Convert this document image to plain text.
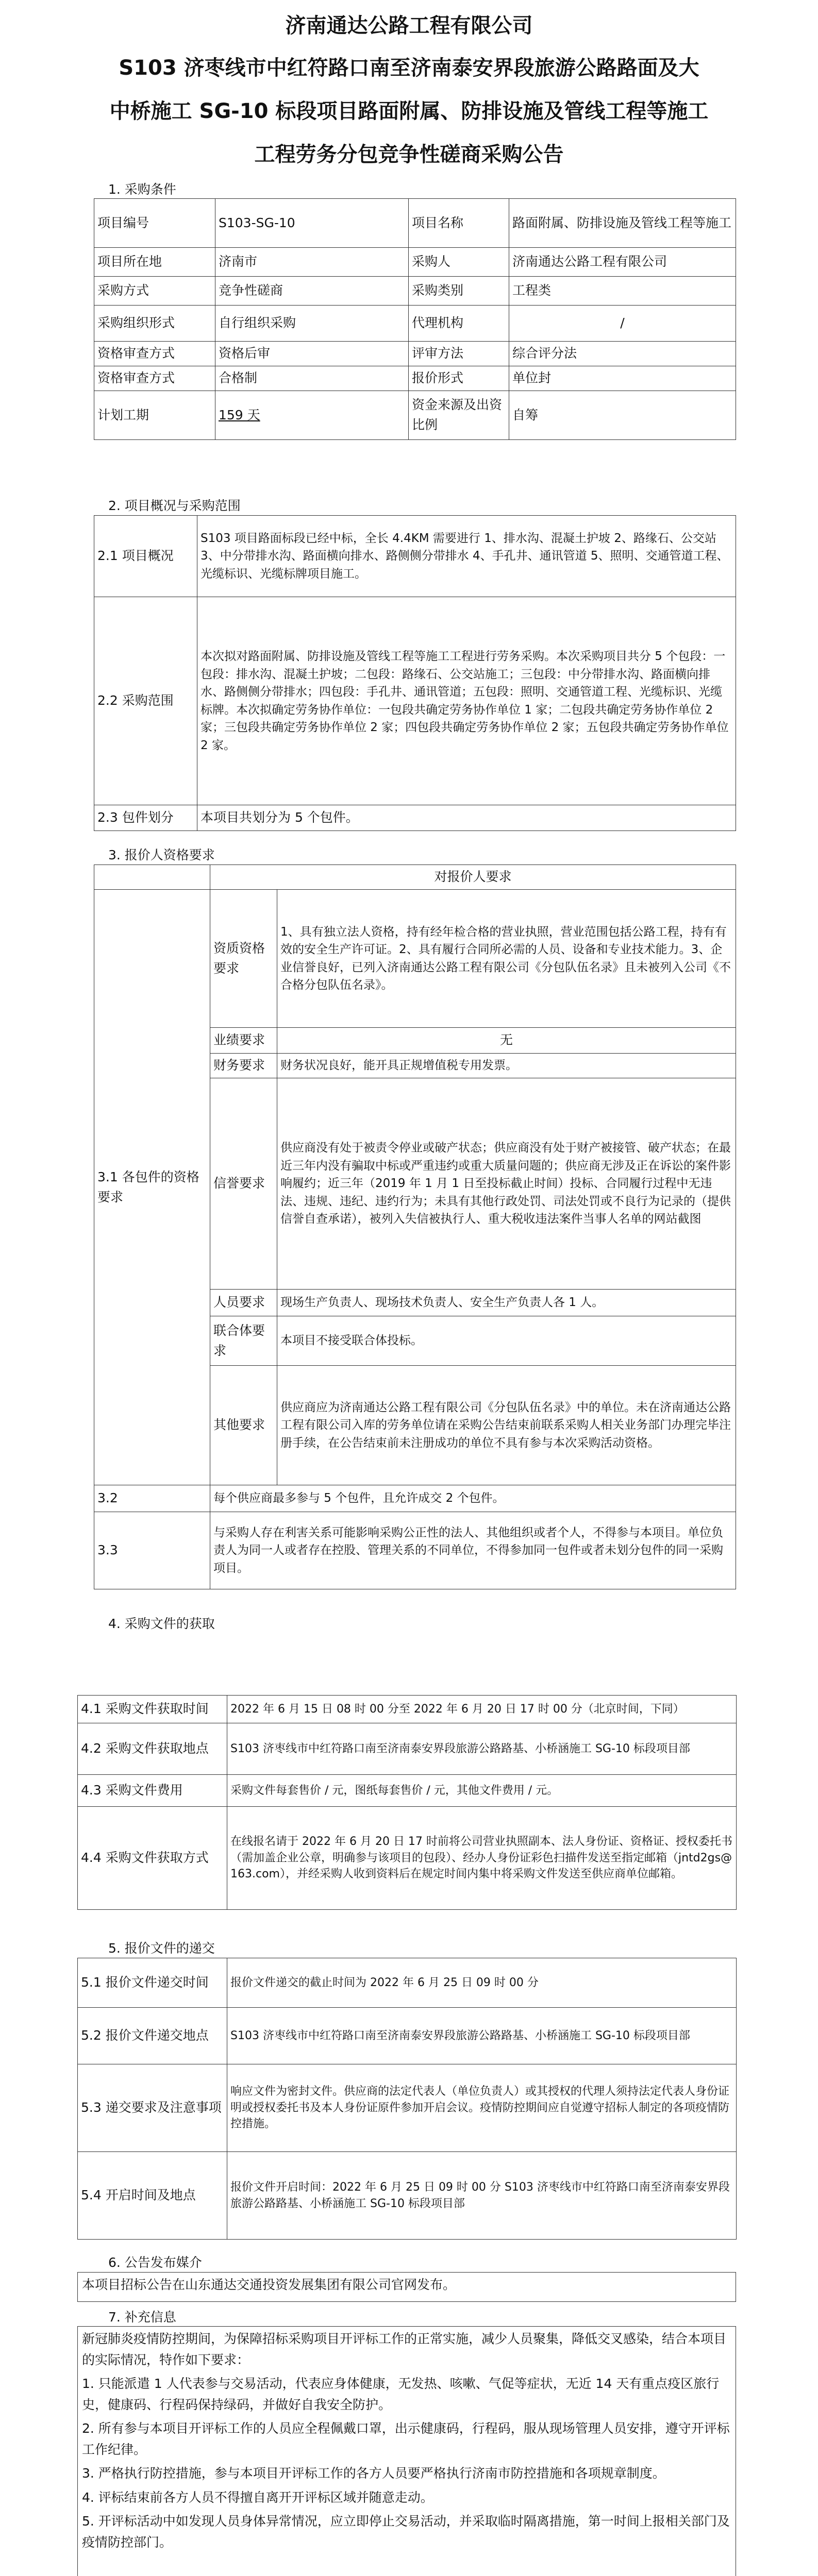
济南通达公路工程有限公司
S103 济枣线市中红符路口南至济南泰安界段旅游公路路面及大
中桥施工 SG-10 标段项目路面附属、防排设施及管线工程等施工
工程劳务分包竞争性磋商采购公告
1. 采购条件
项目编号	S103-SG-10	项目名称	路面附属、防排设施及管线工程等施工
项目所在地	济南市	采购人	济南通达公路工程有限公司
采购方式	竞争性磋商	采购类别	工程类
采购组织形式	自行组织采购	代理机构	/
资格审查方式	资格后审	评审方法	综合评分法
资格审查方式	合格制	报价形式	单位封
计划工期	159 天	资金来源及出资比例	自筹
2. 项目概况与采购范围
2.1 项目概况	S103 项目路面标段已经中标，全长 4.4KM 需要进行 1、排水沟、混凝土护坡 2、路缘石、公交站 3、中分带排水沟、路面横向排水、路侧侧分带排水 4、手孔井、通讯管道 5、照明、交通管道工程、光缆标识、光缆标牌项目施工。
2.2 采购范围	本次拟对路面附属、防排设施及管线工程等施工工程进行劳务采购。本次采购项目共分 5 个包段：一包段：排水沟、混凝土护坡；二包段：路缘石、公交站施工；三包段：中分带排水沟、路面横向排水、路侧侧分带排水；四包段：手孔井、通讯管道；五包段：照明、交通管道工程、光缆标识、光缆标牌。本次拟确定劳务协作单位：一包段共确定劳务协作单位 1 家；二包段共确定劳务协作单位 2 家；三包段共确定劳务协作单位 2 家；四包段共确定劳务协作单位 2 家；五包段共确定劳务协作单位 2 家。
2.3 包件划分	本项目共划分为 5 个包件。
3. 报价人资格要求
	对报价人要求	
3.1 各包件的资格要求	资质资格要求	1、具有独立法人资格，持有经年检合格的营业执照，营业范围包括公路工程，持有有效的安全生产许可证。2、具有履行合同所必需的人员、设备和专业技术能力。3、企业信誉良好，已列入济南通达公路工程有限公司《分包队伍名录》且未被列入公司《不合格分包队伍名录》。
	业绩要求	无
	财务要求	财务状况良好，能开具正规增值税专用发票。
	信誉要求	供应商没有处于被责令停业或破产状态；供应商没有处于财产被接管、破产状态；在最近三年内没有骗取中标或严重违约或重大质量问题的；供应商无涉及正在诉讼的案件影响履约；近三年（2019 年 1 月 1 日至投标截止时间）投标、合同履行过程中无违法、违规、违纪、违约行为；未具有其他行政处罚、司法处罚或不良行为记录的（提供信誉自查承诺），被列入失信被执行人、重大税收违法案件当事人名单的网站截图
	人员要求	现场生产负责人、现场技术负责人、安全生产负责人各 1 人。
	联合体要求	本项目不接受联合体投标。
	其他要求	供应商应为济南通达公路工程有限公司《分包队伍名录》中的单位。未在济南通达公路工程有限公司入库的劳务单位请在采购公告结束前联系采购人相关业务部门办理完毕注册手续，在公告结束前未注册成功的单位不具有参与本次采购活动资格。
3.2	每个供应商最多参与 5 个包件，且允许成交 2 个包件。	
3.3	与采购人存在利害关系可能影响采购公正性的法人、其他组织或者个人，不得参与本项目。单位负责人为同一人或者存在控股、管理关系的不同单位，不得参加同一包件或者未划分包件的同一采购项目。	
4. 采购文件的获取
4.1 采购文件获取时间	2022 年 6 月 15 日 08 时 00 分至 2022 年 6 月 20 日 17 时 00 分（北京时间，下同）
4.2 采购文件获取地点	S103 济枣线市中红符路口南至济南泰安界段旅游公路路基、小桥涵施工 SG-10 标段项目部
4.3 采购文件费用	采购文件每套售价 / 元，图纸每套售价 / 元，其他文件费用 / 元。
4.4 采购文件获取方式	在线报名请于 2022 年 6 月 20 日 17 时前将公司营业执照副本、法人身份证、资格证、授权委托书（需加盖企业公章，明确参与该项目的包段）、经办人身份证彩色扫描件发送至指定邮箱（jntd2gs@163.com），并经采购人收到资料后在规定时间内集中将采购文件发送至供应商单位邮箱。
5. 报价文件的递交
5.1 报价文件递交时间	报价文件递交的截止时间为 2022 年 6 月 25 日 09 时 00 分
5.2 报价文件递交地点	S103 济枣线市中红符路口南至济南泰安界段旅游公路路基、小桥涵施工 SG-10 标段项目部
5.3 递交要求及注意事项	响应文件为密封文件。供应商的法定代表人（单位负责人）或其授权的代理人须持法定代表人身份证明或授权委托书及本人身份证原件参加开启会议。疫情防控期间应自觉遵守招标人制定的各项疫情防控措施。
5.4 开启时间及地点	报价文件开启时间：2022 年 6 月 25 日 09 时 00 分 S103 济枣线市中红符路口南至济南泰安界段旅游公路路基、小桥涵施工 SG-10 标段项目部
6. 公告发布媒介

本项目招标公告在山东通达交通投资发展集团有限公司官网发布。

7. 补充信息

新冠肺炎疫情防控期间，为保障招标采购项目开评标工作的正常实施，减少人员聚集，降低交叉感染，结合本项目的实际情况，特作如下要求：

1. 只能派遣 1 人代表参与交易活动，代表应身体健康，无发热、咳嗽、气促等症状，无近 14 天有重点疫区旅行史，健康码、行程码保持绿码，并做好自我安全防护。

2. 所有参与本项目开评标工作的人员应全程佩戴口罩，出示健康码，行程码，服从现场管理人员安排，遵守开评标工作纪律。

3. 严格执行防控措施，参与本项目开评标工作的各方人员要严格执行济南市防控措施和各项规章制度。

4. 评标结束前各方人员不得擅自离开开评标区域并随意走动。

5. 开评标活动中如发现人员身体异常情况，应立即停止交易活动，并采取临时隔离措施，第一时间上报相关部门及疫情防控部门。
